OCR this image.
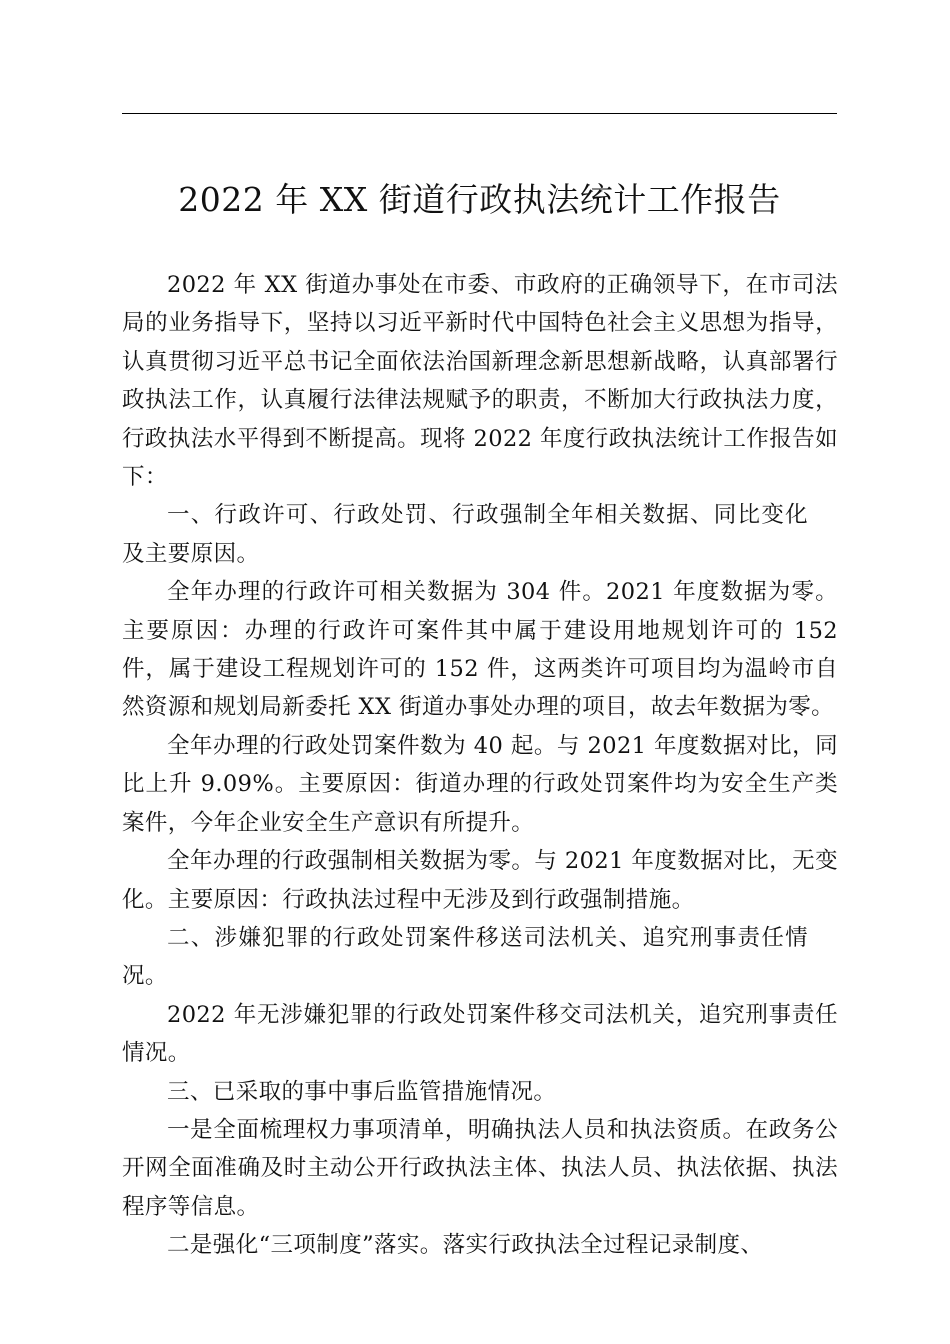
2022 年 XX 街道行政执法统计工作报告

2022 年 XX 街道办事处在市委、市政府的正确领导下，在市司法局的业务指导下，坚持以习近平新时代中国特色社会主义思想为指导，认真贯彻习近平总书记全面依法治国新理念新思想新战略，认真部署行政执法工作，认真履行法律法规赋予的职责，不断加大行政执法力度，行政执法水平得到不断提高。现将 2022 年度行政执法统计工作报告如下：

一、行政许可、行政处罚、行政强制全年相关数据、同比变化及主要原因。

全年办理的行政许可相关数据为 304 件。2021 年度数据为零。主要原因：办理的行政许可案件其中属于建设用地规划许可的 152 件，属于建设工程规划许可的 152 件，这两类许可项目均为温岭市自然资源和规划局新委托 XX 街道办事处办理的项目，故去年数据为零。

全年办理的行政处罚案件数为 40 起。与 2021 年度数据对比，同比上升 9.09%。主要原因：街道办理的行政处罚案件均为安全生产类案件，今年企业安全生产意识有所提升。

全年办理的行政强制相关数据为零。与 2021 年度数据对比，无变化。主要原因：行政执法过程中无涉及到行政强制措施。

二、涉嫌犯罪的行政处罚案件移送司法机关、追究刑事责任情况。

2022 年无涉嫌犯罪的行政处罚案件移交司法机关，追究刑事责任情况。

三、已采取的事中事后监管措施情况。

一是全面梳理权力事项清单，明确执法人员和执法资质。在政务公开网全面准确及时主动公开行政执法主体、执法人员、执法依据、执法程序等信息。

二是强化“三项制度”落实。落实行政执法全过程记录制度、
